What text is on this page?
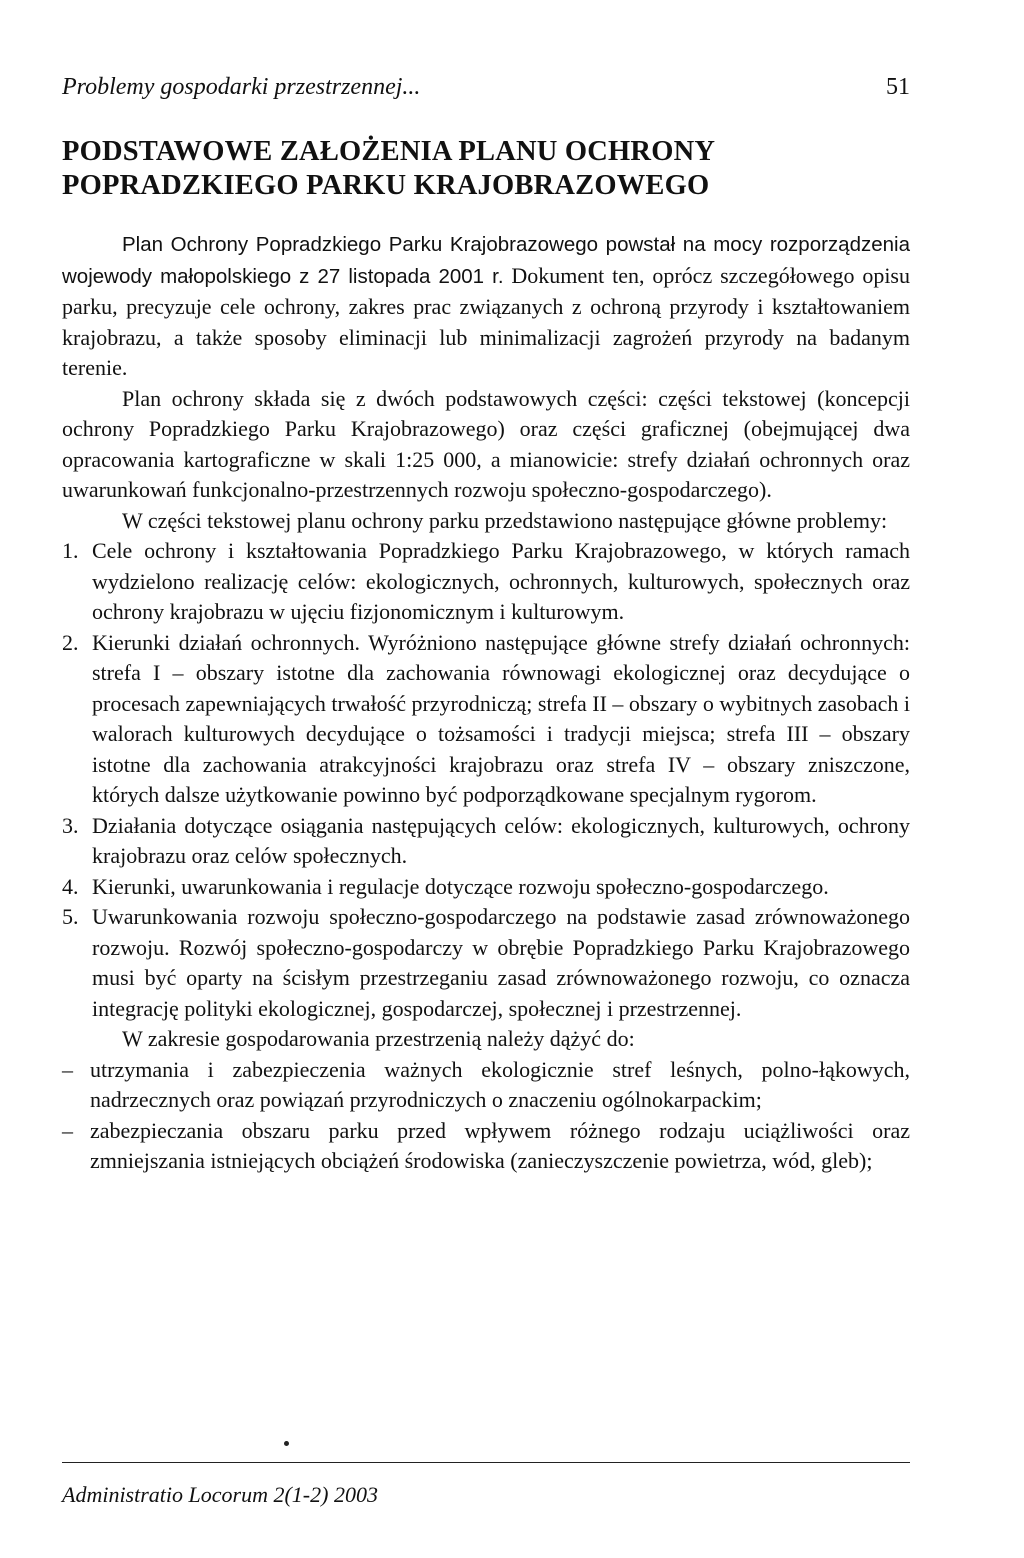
Problemy gospodarki przestrzennej...	51
PODSTAWOWE ZAŁOŻENIA PLANU OCHRONY
POPRADZKIEGO PARKU KRAJOBRAZOWEGO

Plan Ochrony Popradzkiego Parku Krajobrazowego powstał na mocy rozporządzenia wojewody małopolskiego z 27 listopada 2001 r. Dokument ten, oprócz szczegółowego opisu parku, precyzuje cele ochrony, zakres prac związanych z ochroną przyrody i kształtowaniem krajobrazu, a także sposoby eliminacji lub minimalizacji zagrożeń przyrody na badanym terenie.

Plan ochrony składa się z dwóch podstawowych części: części tekstowej (koncepcji ochrony Popradzkiego Parku Krajobrazowego) oraz części graficznej (obejmującej dwa opracowania kartograficzne w skali 1:25 000, a mianowicie: strefy działań ochronnych oraz uwarunkowań funkcjonalno-przestrzennych rozwoju społeczno-gospodarczego).

W części tekstowej planu ochrony parku przedstawiono następujące główne problemy:

1. Cele ochrony i kształtowania Popradzkiego Parku Krajobrazowego, w których ramach wydzielono realizację celów: ekologicznych, ochronnych, kulturowych, społecznych oraz ochrony krajobrazu w ujęciu fizjonomicznym i kulturowym.
2. Kierunki działań ochronnych. Wyróżniono następujące główne strefy działań ochronnych: strefa I – obszary istotne dla zachowania równowagi ekologicznej oraz decydujące o procesach zapewniających trwałość przyrodniczą; strefa II – obszary o wybitnych zasobach i walorach kulturowych decydujące o tożsamości i tradycji miejsca; strefa III – obszary istotne dla zachowania atrakcyjności krajobrazu oraz strefa IV – obszary zniszczone, których dalsze użytkowanie powinno być podporządkowane specjalnym rygorom.
3. Działania dotyczące osiągania następujących celów: ekologicznych, kulturowych, ochrony krajobrazu oraz celów społecznych.
4. Kierunki, uwarunkowania i regulacje dotyczące rozwoju społeczno-gospodarczego.
5. Uwarunkowania rozwoju społeczno-gospodarczego na podstawie zasad zrównoważonego rozwoju. Rozwój społeczno-gospodarczy w obrębie Popradzkiego Parku Krajobrazowego musi być oparty na ścisłym przestrzeganiu zasad zrównoważonego rozwoju, co oznacza integrację polityki ekologicznej, gospodarczej, społecznej i przestrzennej.

W zakresie gospodarowania przestrzenią należy dążyć do:

– utrzymania i zabezpieczenia ważnych ekologicznie stref leśnych, polno-łąkowych, nadrzecznych oraz powiązań przyrodniczych o znaczeniu ogólnokarpackim;
– zabezpieczania obszaru parku przed wpływem różnego rodzaju uciążliwości oraz zmniejszania istniejących obciążeń środowiska (zanieczyszczenie powietrza, wód, gleb);
Administratio Locorum 2(1-2) 2003
